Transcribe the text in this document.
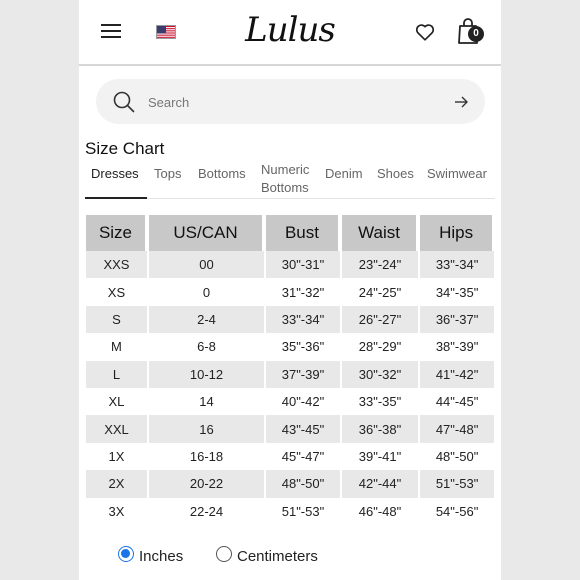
Lulus	0
Search
Size Chart
Dresses Tops Bottoms Numeric Bottoms
Denim Shoes Swimwear
Size	US/CAN	Bust	Waist	Hips
XXS	00	30"-31"	23"-24"	33"-34"
XS	0	31"-32"	24"-25"	34"-35"
S	2-4	33"-34"	26"-27"	36"-37"
M	6-8	35"-36"	28"-29"	38"-39"
L	10-12	37"-39"	30"-32"	41"-42"
XL	14	40"-42"	33"-35"	44"-45"
XXL	16	43"-45"	36"-38"	47"-48"
1X	16-18	45"-47"	39"-41"	48"-50"
2X	20-22	48"-50"	42"-44"	51"-53"
3X	22-24	51"-53"	46"-48"	54"-56"
Inches	Centimeters
